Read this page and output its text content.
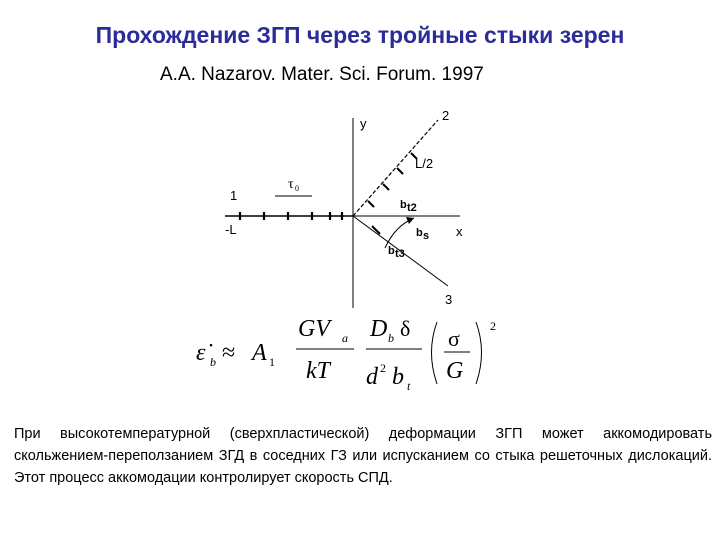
Прохождение ЗГП через тройные стыки зерен
A.A. Nazarov. Mater. Sci. Forum. 1997
y
x
1
-L
τ 0
2
L/2
b t2
3
b t3
b s
ε̇ b ≈ A 1
GV a
kT
D b δ
d 2 b t
σ
G
2
При высокотемпературной (сверхпластической) деформации ЗГП может аккомодировать скольжением-переползанием ЗГД в соседних ГЗ или испусканием со стыка решеточных дислокаций. Этот процесс аккомодации контролирует скорость СПД.
